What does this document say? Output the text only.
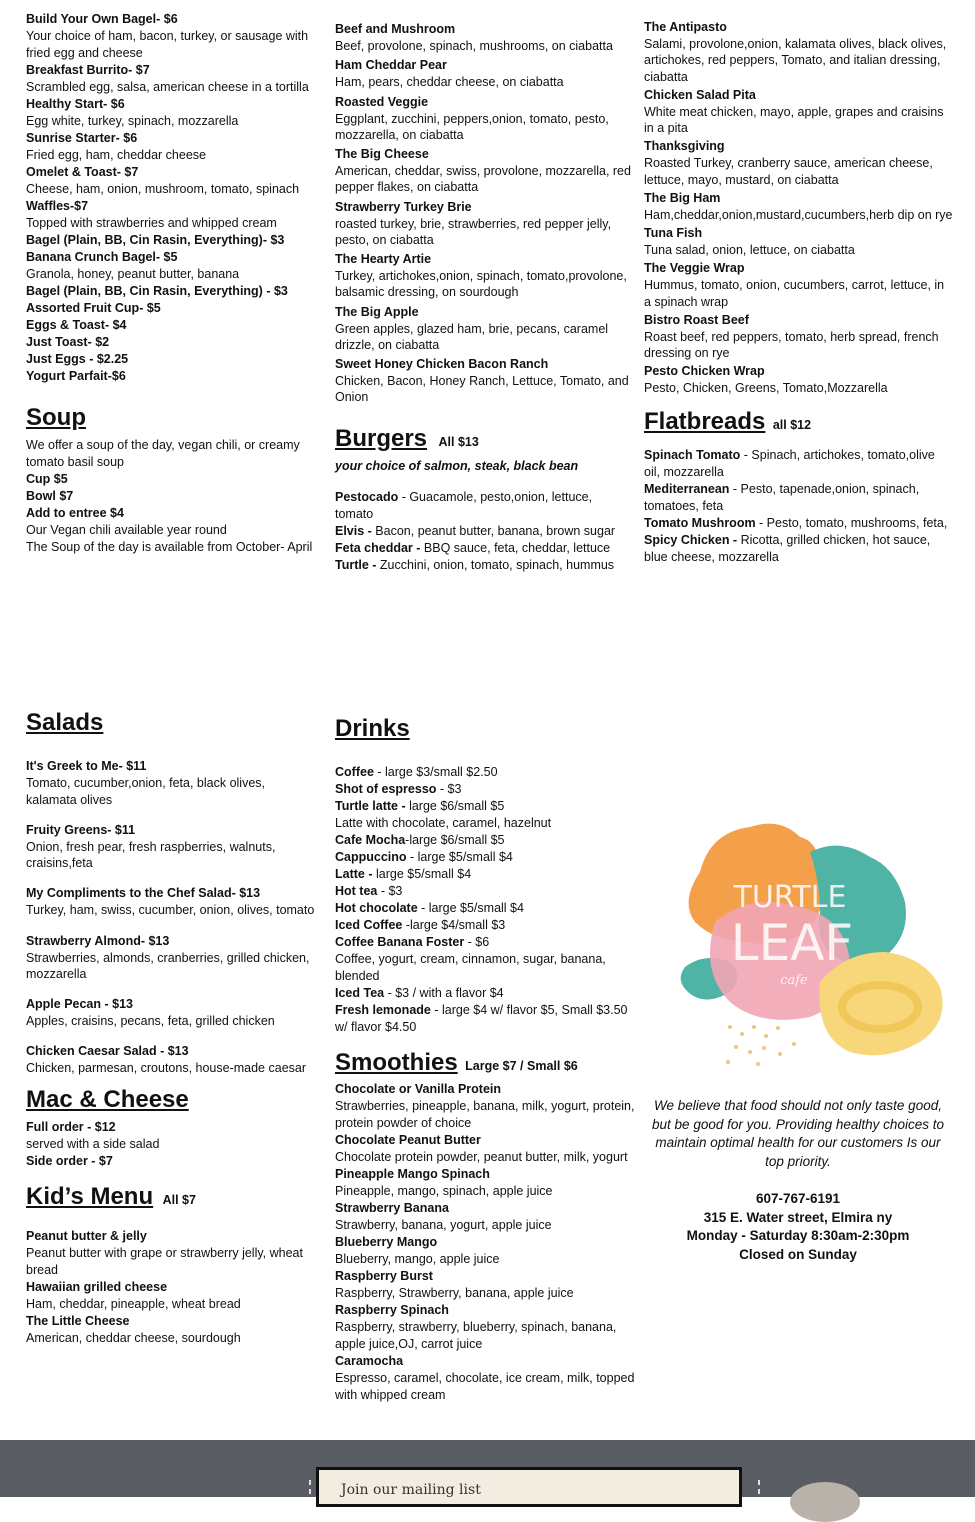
Build Your Own Bagel- $6
Your choice of ham, bacon, turkey, or sausage with fried egg and cheese
Breakfast Burrito- $7
Scrambled egg, salsa, american cheese in a tortilla
Healthy Start- $6
Egg white, turkey, spinach, mozzarella
Sunrise Starter- $6
Fried egg, ham, cheddar cheese
Omelet & Toast- $7
Cheese, ham, onion, mushroom, tomato, spinach
Waffles-$7
Topped with strawberries and whipped cream
Bagel (Plain, BB, Cin Rasin, Everything)- $3
Banana Crunch Bagel- $5
Granola, honey, peanut butter, banana
Bagel (Plain, BB, Cin Rasin, Everything) - $3
Assorted Fruit Cup- $5
Eggs & Toast- $4
Just Toast- $2
Just Eggs - $2.25
Yogurt Parfait-$6
Soup
We offer a soup of the day, vegan chili, or creamy tomato basil soup
Cup $5
Bowl $7
Add to entree $4
Our Vegan chili available year round
The Soup of the day is available from October- April
Beef and Mushroom
Beef, provolone, spinach, mushrooms, on ciabatta
Ham Cheddar Pear
Ham, pears, cheddar cheese, on ciabatta
Roasted Veggie
Eggplant, zucchini, peppers,onion, tomato, pesto, mozzarella, on ciabatta
The Big Cheese
American, cheddar, swiss, provolone, mozzarella, red pepper flakes, on ciabatta
Strawberry Turkey Brie
roasted turkey, brie, strawberries, red pepper jelly, pesto, on ciabatta
The Hearty Artie
Turkey, artichokes,onion, spinach, tomato,provolone, balsamic dressing, on sourdough
The Big Apple
Green apples, glazed ham, brie, pecans, caramel drizzle, on ciabatta
Sweet Honey Chicken Bacon Ranch
Chicken, Bacon, Honey Ranch, Lettuce, Tomato, and Onion
Burgers All $13
your choice of salmon, steak, black bean
Pestocado - Guacamole, pesto,onion, lettuce, tomato
Elvis - Bacon, peanut butter, banana, brown sugar
Feta cheddar - BBQ sauce, feta, cheddar, lettuce
Turtle - Zucchini, onion, tomato, spinach, hummus
The Antipasto
Salami, provolone,onion, kalamata olives, black olives, artichokes, red peppers, Tomato, and italian dressing, ciabatta
Chicken Salad Pita
White meat chicken, mayo, apple, grapes and craisins in a pita
Thanksgiving
Roasted Turkey, cranberry sauce, american cheese, lettuce, mayo, mustard, on ciabatta
The Big Ham
Ham,cheddar,onion,mustard,cucumbers,herb dip on rye
Tuna Fish
Tuna salad, onion, lettuce, on ciabatta
The Veggie Wrap
Hummus, tomato, onion, cucumbers, carrot, lettuce, in a spinach wrap
Bistro Roast Beef
Roast beef, red peppers, tomato, herb spread, french dressing on rye
Pesto Chicken Wrap
Pesto, Chicken, Greens, Tomato,Mozzarella
Flatbreads all $12
Spinach Tomato - Spinach, artichokes, tomato,olive oil, mozzarella
Mediterranean - Pesto, tapenade,onion, spinach, tomatoes, feta
Tomato Mushroom - Pesto, tomato, mushrooms, feta,
Spicy Chicken - Ricotta, grilled chicken, hot sauce, blue cheese, mozzarella
Salads
It's Greek to Me- $11
Tomato, cucumber,onion, feta, black olives, kalamata olives
Fruity Greens- $11
Onion, fresh pear, fresh raspberries, walnuts, craisins,feta
My Compliments to the Chef Salad- $13
Turkey, ham, swiss, cucumber, onion, olives, tomato
Strawberry Almond- $13
Strawberries, almonds, cranberries, grilled chicken, mozzarella
Apple Pecan - $13
Apples, craisins, pecans, feta, grilled chicken
Chicken Caesar Salad - $13
Chicken, parmesan, croutons, house-made caesar
Mac & Cheese
Full order - $12
served with a side salad
Side order - $7
Kid’s Menu All $7
Peanut butter & jelly
Peanut butter with grape or strawberry jelly, wheat bread
Hawaiian grilled cheese
Ham, cheddar, pineapple, wheat bread
The Little Cheese
American, cheddar cheese, sourdough
Drinks
Coffee - large $3/small $2.50
Shot of espresso - $3
Turtle latte - large $6/small $5
Latte with chocolate, caramel, hazelnut
Cafe Mocha-large $6/small $5
Cappuccino - large $5/small $4
Latte - large $5/small $4
Hot tea - $3
Hot chocolate - large $5/small $4
Iced Coffee -large $4/small $3
Coffee Banana Foster - $6
Coffee, yogurt, cream, cinnamon, sugar, banana, blended
Iced Tea - $3 / with a flavor $4
Fresh lemonade - large $4 w/ flavor $5, Small $3.50 w/ flavor $4.50
Smoothies Large $7 / Small $6
Chocolate or Vanilla Protein
Strawberries, pineapple, banana, milk, yogurt, protein, protein powder of choice
Chocolate Peanut Butter
Chocolate protein powder, peanut butter, milk, yogurt
Pineapple Mango Spinach
Pineapple, mango, spinach, apple juice
Strawberry Banana
Strawberry, banana, yogurt, apple juice
Blueberry Mango
Blueberry, mango, apple juice
Raspberry Burst
Raspberry, Strawberry, banana, apple juice
Raspberry Spinach
Raspberry, strawberry, blueberry, spinach, banana, apple juice,OJ, carrot juice
Caramocha
Espresso, caramel, chocolate, ice cream, milk, topped with whipped cream
TURTLE
LEAF
cafe
We believe that food should not only taste good, but be good for you. Providing healthy choices to maintain optimal health for our customers Is our top priority.
607-767-6191
315 E. Water street, Elmira ny
Monday - Saturday 8:30am-2:30pm
Closed on Sunday
Join our mailing list
